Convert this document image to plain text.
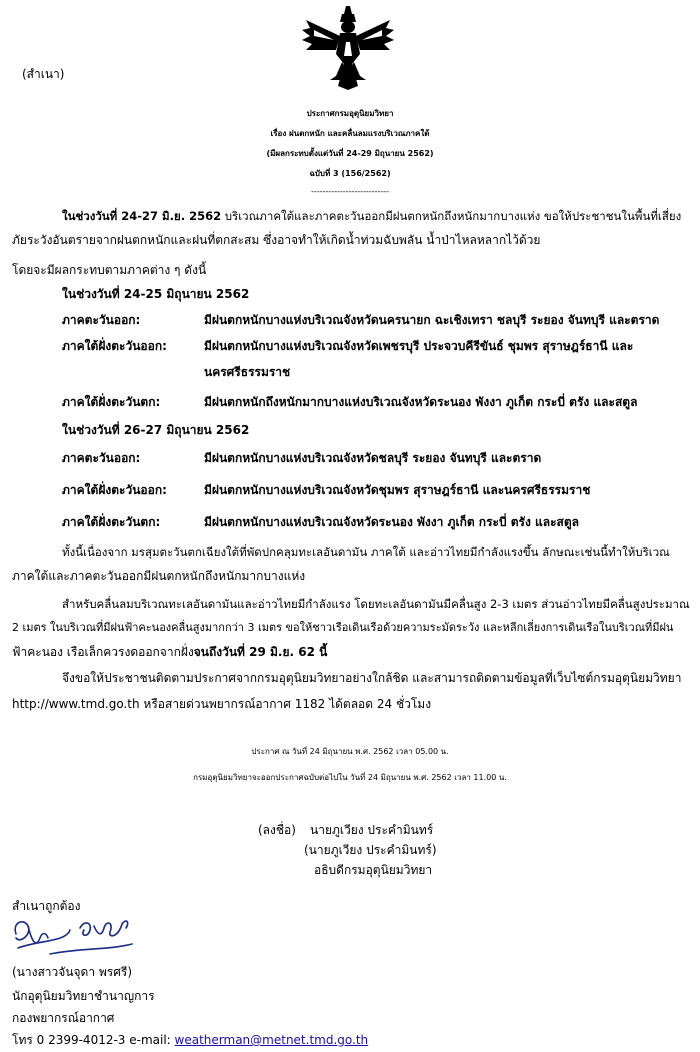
(สำเนา)
ประกาศกรมอุตุนิยมวิทยา
เรื่อง ฝนตกหนัก และคลื่นลมแรงบริเวณภาคใต้
(มีผลกระทบตั้งแต่วันที่ 24-29 มิถุนายน 2562)
ฉบับที่ 3 (156/2562)
---------------------------
ในช่วงวันที่ 24-27 มิ.ย. 2562 บริเวณภาคใต้และภาคตะวันออกมีฝนตกหนักถึงหนักมากบางแห่ง ขอให้ประชาชนในพื้นที่เสี่ยง
ภัยระวังอันตรายจากฝนตกหนักและฝนที่ตกสะสม ซึ่งอาจทำให้เกิดน้ำท่วมฉับพลัน น้ำป่าไหลหลากไว้ด้วย
โดยจะมีผลกระทบตามภาคต่าง ๆ ดังนี้
ในช่วงวันที่ 24-25 มิถุนายน 2562
ภาคตะวันออก:	มีฝนตกหนักบางแห่งบริเวณจังหวัดนครนายก ฉะเชิงเทรา ชลบุรี ระยอง จันทบุรี และตราด
ภาคใต้ฝั่งตะวันออก:	มีฝนตกหนักบางแห่งบริเวณจังหวัดเพชรบุรี ประจวบคีรีขันธ์ ชุมพร สุราษฎร์ธานี และ
นครศรีธรรมราช
ภาคใต้ฝั่งตะวันตก:	มีฝนตกหนักถึงหนักมากบางแห่งบริเวณจังหวัดระนอง พังงา ภูเก็ต กระบี่ ตรัง และสตูล
ในช่วงวันที่ 26-27 มิถุนายน 2562
ภาคตะวันออก:	มีฝนตกหนักบางแห่งบริเวณจังหวัดชลบุรี ระยอง จันทบุรี และตราด
ภาคใต้ฝั่งตะวันออก:	มีฝนตกหนักบางแห่งบริเวณจังหวัดชุมพร สุราษฎร์ธานี และนครศรีธรรมราช
ภาคใต้ฝั่งตะวันตก:	มีฝนตกหนักบางแห่งบริเวณจังหวัดระนอง พังงา ภูเก็ต กระบี่ ตรัง และสตูล
ทั้งนี้เนื่องจาก มรสุมตะวันตกเฉียงใต้ที่พัดปกคลุมทะเลอันดามัน ภาคใต้ และอ่าวไทยมีกำลังแรงขึ้น ลักษณะเช่นนี้ทำให้บริเวณ
ภาคใต้และภาคตะวันออกมีฝนตกหนักถึงหนักมากบางแห่ง
สำหรับคลื่นลมบริเวณทะเลอันดามันและอ่าวไทยมีกำลังแรง โดยทะเลอันดามันมีคลื่นสูง 2-3 เมตร ส่วนอ่าวไทยมีคลื่นสูงประมาณ
2 เมตร ในบริเวณที่มีฝนฟ้าคะนองคลื่นสูงมากกว่า 3 เมตร ขอให้ชาวเรือเดินเรือด้วยความระมัดระวัง และหลีกเลี่ยงการเดินเรือในบริเวณที่มีฝน
ฟ้าคะนอง เรือเล็กควรงดออกจากฝั่งจนถึงวันที่ 29 มิ.ย. 62 นี้
จึงขอให้ประชาชนติดตามประกาศจากกรมอุตุนิยมวิทยาอย่างใกล้ชิด และสามารถติดตามข้อมูลที่เว็บไซต์กรมอุตุนิยมวิทยา
http://www.tmd.go.th หรือสายด่วนพยากรณ์อากาศ 1182 ได้ตลอด 24 ชั่วโมง
ประกาศ ณ วันที่ 24 มิถุนายน พ.ศ. 2562 เวลา 05.00 น.
กรมอุตุนิยมวิทยาจะออกประกาศฉบับต่อไปใน วันที่ 24 มิถุนายน พ.ศ. 2562 เวลา 11.00 น.
(ลงชื่อ) นายภูเวียง ประคำมินทร์
(นายภูเวียง ประคำมินทร์)
อธิบดีกรมอุตุนิยมวิทยา
สำเนาถูกต้อง
(นางสาวจันจุดา พรศรี)
นักอุตุนิยมวิทยาชำนาญการ
กองพยากรณ์อากาศ
โทร 0 2399-4012-3 e-mail: weatherman@metnet.tmd.go.th
